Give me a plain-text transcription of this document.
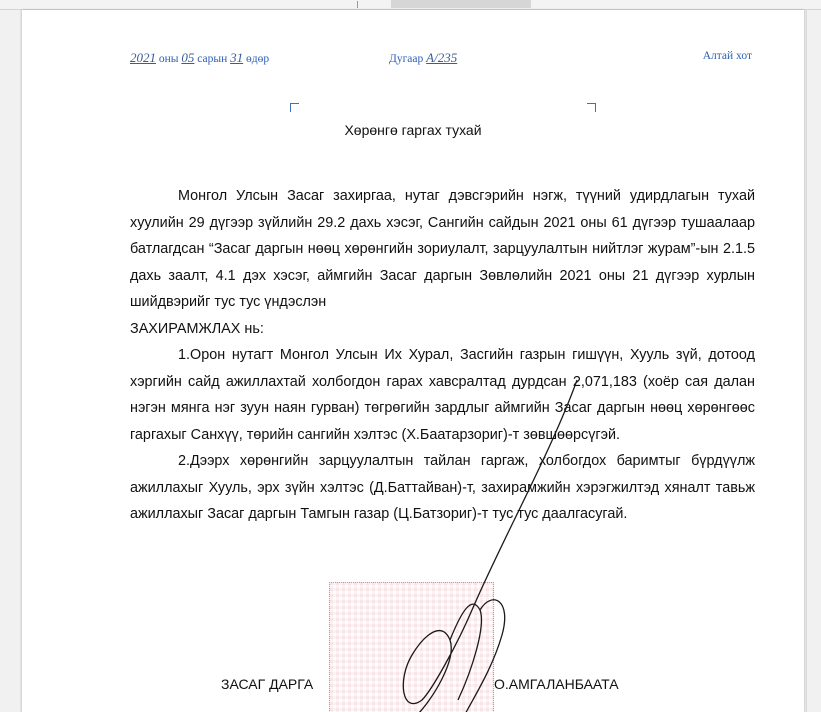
2021 оны 05 сарын 31 өдөр	Дугаар А/235	Алтай хот
Хөрөнгө гаргах тухай

Монгол Улсын Засаг захиргаа, нутаг дэвсгэрийн нэгж, түүний удирдлагын тухай хуулийн 29 дүгээр зүйлийн 29.2 дахь хэсэг, Сангийн сайдын 2021 оны 61 дүгээр тушаалаар батлагдсан “Засаг даргын нөөц хөрөнгийн зориулалт, зарцуулалтын нийтлэг журам”-ын 2.1.5 дахь заалт, 4.1 дэх хэсэг, аймгийн Засаг даргын Зөвлөлийн 2021 оны 21 дүгээр хурлын шийдвэрийг тус тус үндэслэн

ЗАХИРАМЖЛАХ нь:

1.Орон нутагт Монгол Улсын Их Хурал, Засгийн газрын гишүүн, Хууль зүй, дотоод хэргийн сайд ажиллахтай холбогдон гарах хавсралтад дурдсан 2,071,183 (хоёр сая далан нэгэн мянга нэг зуун наян гурван) төгрөгийн зардлыг аймгийн Засаг даргын нөөц хөрөнгөөс гаргахыг Санхүү, төрийн сангийн хэлтэс (Х.Баатарзориг)-т зөвшөөрсүгэй.

2.Дээрх хөрөнгийн зарцуулалтын тайлан гаргаж, холбогдох баримтыг бүрдүүлж ажиллахыг Хууль, эрх зүйн хэлтэс (Д.Баттайван)-т, захирамжийн хэрэгжилтэд хяналт тавьж ажиллахыг Засаг даргын Тамгын газар (Ц.Батзориг)-т тус тус даалгасугай.

ЗАСАГ ДАРГА	О.АМГАЛАНБААТА
